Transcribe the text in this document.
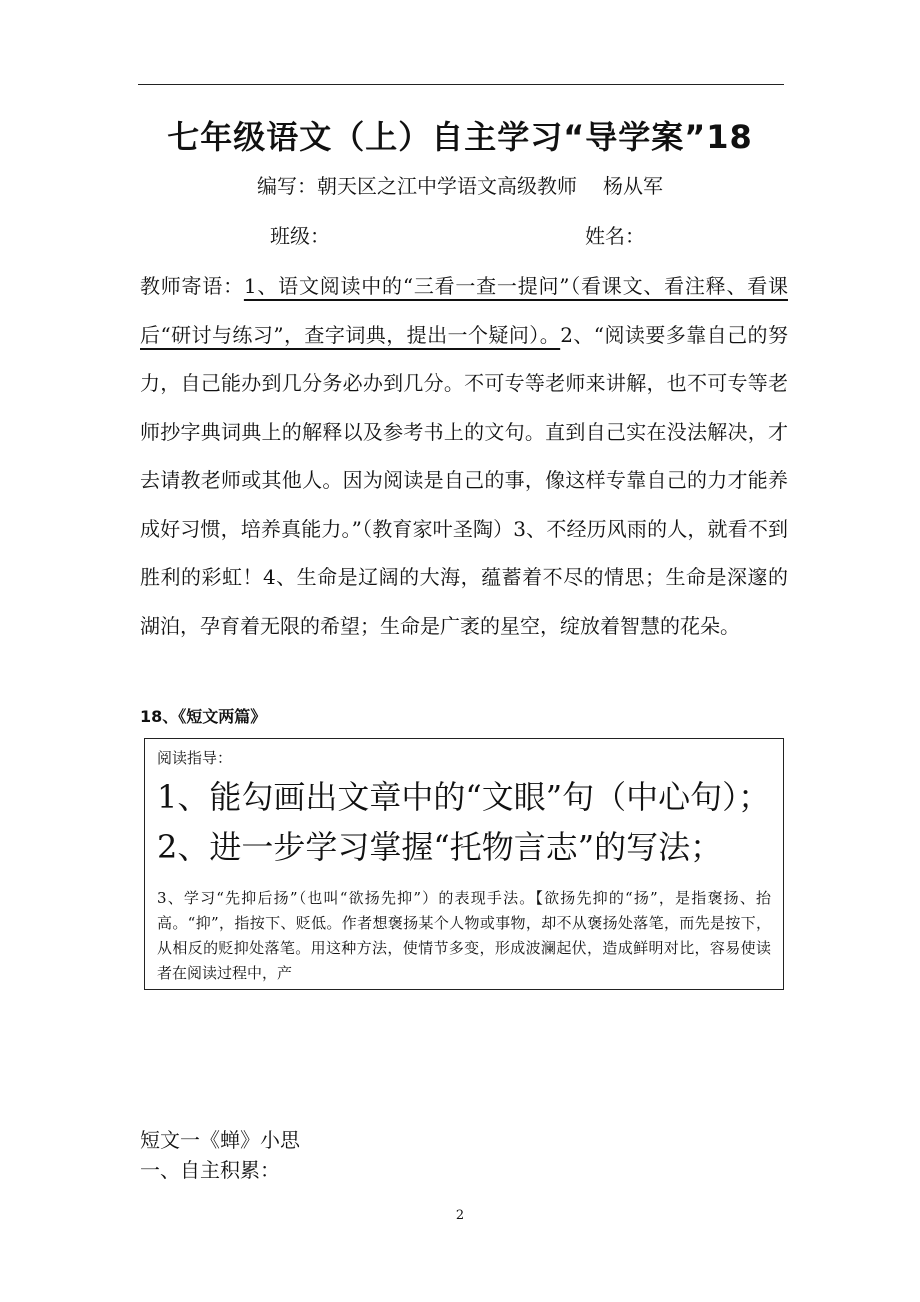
七年级语文（上）自主学习“导学案”18
编写：朝天区之江中学语文高级教师 杨从军
班级：	姓名：
教师寄语：1、语文阅读中的“三看一查一提问”（看课文、看注释、看课后“研讨与练习”，查字词典，提出一个疑问）。2、“阅读要多靠自己的努力，自己能办到几分务必办到几分。不可专等老师来讲解，也不可专等老师抄字典词典上的解释以及参考书上的文句。直到自己实在没法解决，才去请教老师或其他人。因为阅读是自己的事，像这样专靠自己的力才能养成好习惯，培养真能力。”（教育家叶圣陶）3、不经历风雨的人，就看不到胜利的彩虹！4、生命是辽阔的大海，蕴蓄着不尽的情思；生命是深邃的湖泊，孕育着无限的希望；生命是广袤的星空，绽放着智慧的花朵。
18、《短文两篇》
阅读指导：
1、能勾画出文章中的“文眼”句（中心句）；
2、进一步学习掌握“托物言志”的写法；
3、学习“先抑后扬”（也叫“欲扬先抑”）的表现手法。【欲扬先抑的“扬”，是指褒扬、抬高。“抑”，指按下、贬低。作者想褒扬某个人物或事物，却不从褒扬处落笔，而先是按下，从相反的贬抑处落笔。用这种方法，使情节多变，形成波澜起伏，造成鲜明对比，容易使读者在阅读过程中，产
短文一《蝉》小思
一、自主积累：
2
